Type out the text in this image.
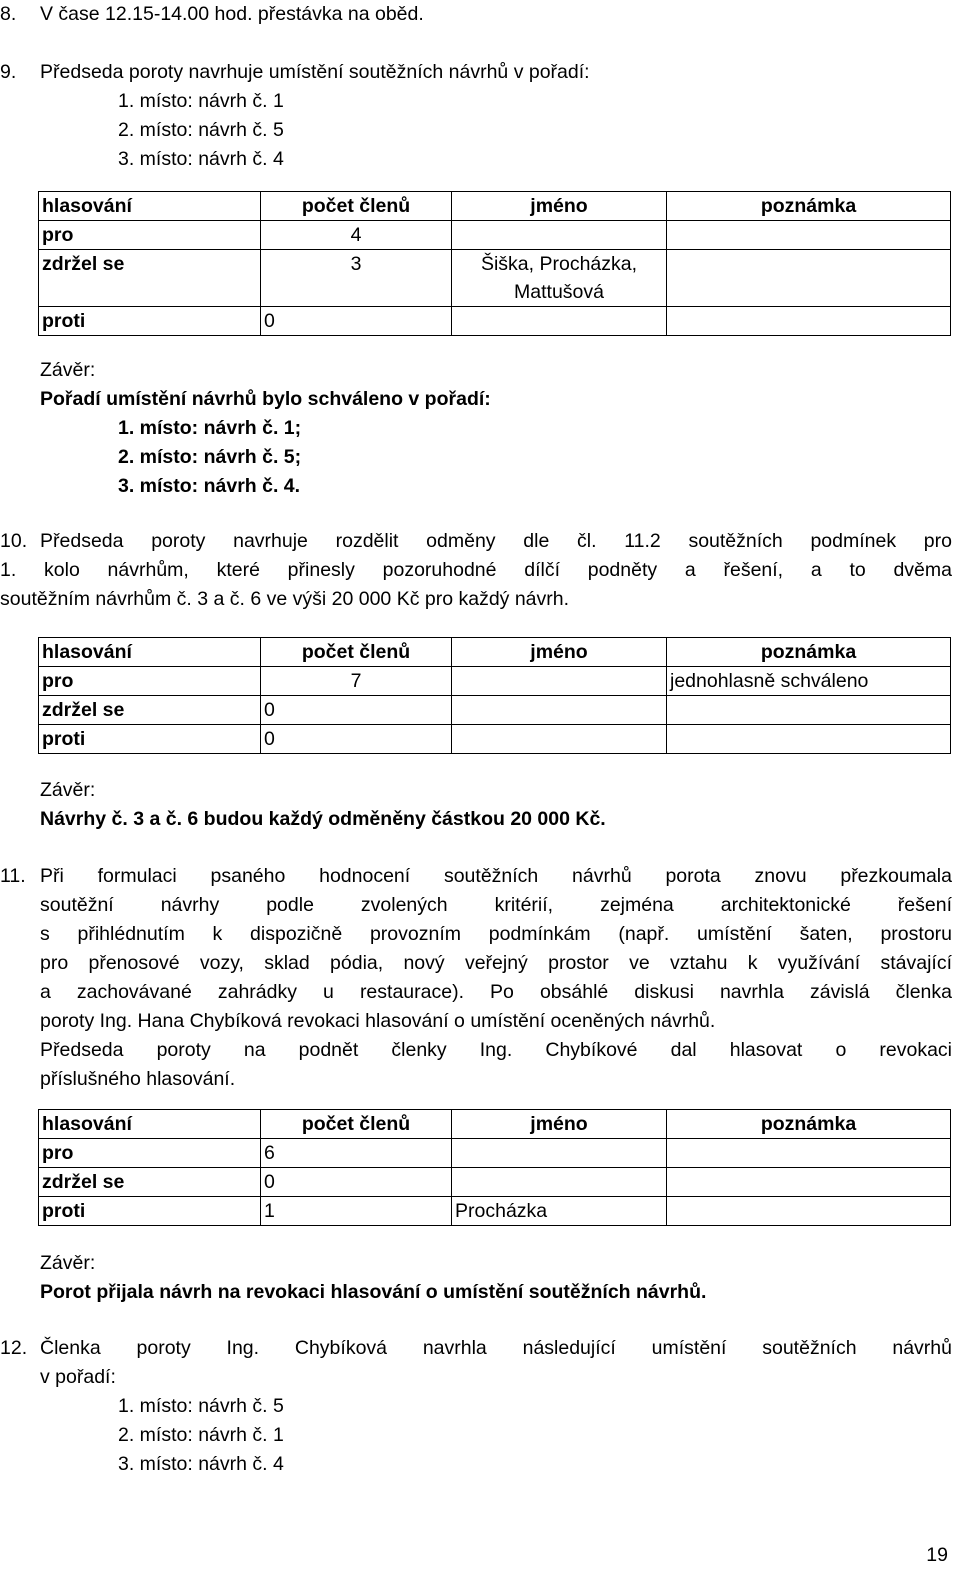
8. V čase 12.15-14.00 hod. přestávka na oběd.
9. Předseda poroty navrhuje umístění soutěžních návrhů v pořadí:
1. místo: návrh č. 1
2. místo: návrh č. 5
3. místo: návrh č. 4
hlasování	počet členů	jméno	poznámka
pro	4		
zdržel se	3	Šiška, Procházka,
Mattušová	

proti	0		
Závěr:
Pořadí umístění návrhů bylo schváleno v pořadí:
1. místo: návrh č. 1;
2. místo: návrh č. 5;
3. místo: návrh č. 4.
10. Předseda poroty navrhuje rozdělit odměny dle čl. 11.2 soutěžních podmínek pro
1. kolo návrhům, které přinesly pozoruhodné dílčí podněty a řešení, a to dvěma
soutěžním návrhům č. 3 a č. 6 ve výši 20 000 Kč pro každý návrh.
hlasování	počet členů	jméno	poznámka
pro	7		jednohlasně schváleno
zdržel se	0		
proti	0		
Závěr:
Návrhy č. 3 a č. 6 budou každý odměněny částkou 20 000 Kč.
11. Při formulaci psaného hodnocení soutěžních návrhů porota znovu přezkoumala
soutěžní návrhy podle zvolených kritérií, zejména architektonické řešení
s přihlédnutím k dispozičně provozním podmínkám (např. umístění šaten, prostoru
pro přenosové vozy, sklad pódia, nový veřejný prostor ve vztahu k využívání stávající
a zachovávané zahrádky u restaurace). Po obsáhlé diskusi navrhla závislá členka
poroty Ing. Hana Chybíková revokaci hlasování o umístění oceněných návrhů.
Předseda poroty na podnět členky Ing. Chybíkové dal hlasovat o revokaci
příslušného hlasování.
hlasování	počet členů	jméno	poznámka
pro	6		
zdržel se	0		
proti	1	Procházka	
Závěr:
Porot přijala návrh na revokaci hlasování o umístění soutěžních návrhů.
12. Členka poroty Ing. Chybíková navrhla následující umístění soutěžních návrhů
v pořadí:
1. místo: návrh č. 5
2. místo: návrh č. 1
3. místo: návrh č. 4
19
